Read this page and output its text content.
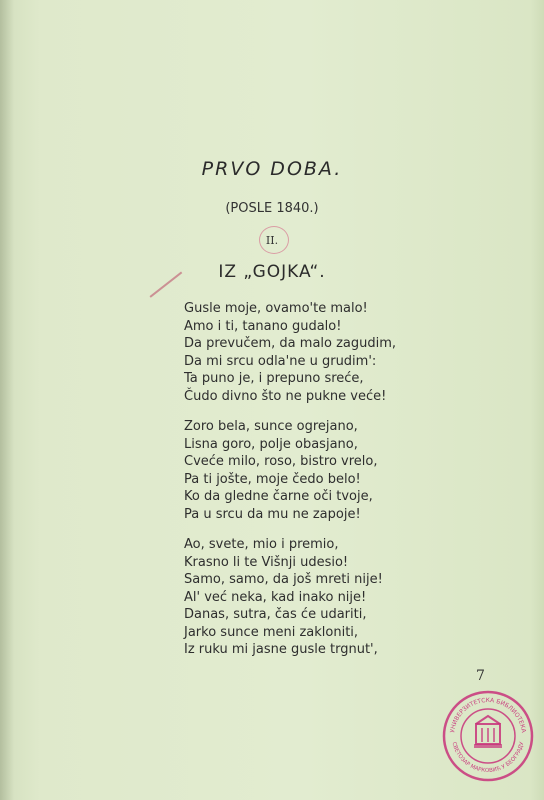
PRVO DOBA.
(POSLE 1840.)
II.
IZ „GOJKA“.
Gusle moje, ovamo'te malo!
Amo i ti, tanano gudalo!
Da prevučem, da malo zagudim,
Da mi srcu odla'ne u grudim':
Ta puno je, i prepuno sreće,
Čudo divno što ne pukne veće!
Zoro bela, sunce ogrejano,
Lisna goro, polje obasjano,
Cveće milo, roso, bistro vrelo,
Pa ti jošte, moje čedo belo!
Ko da gledne čarne oči tvoje,
Pa u srcu da mu ne zapoje!
Ao, svete, mio i premio,
Krasno li te Višnji udesio!
Samo, samo, da još mreti nije!
Al' već neka, kad inako nije!
Danas, sutra, čas će udariti,
Jarko sunce meni zakloniti,
Iz ruku mi jasne gusle trgnut',
7
УНИВЕРЗИТЕТСКА БИБЛИОТЕКА
СВЕТОЗАР МАРКОВИЋ У БЕОГРАДУ
